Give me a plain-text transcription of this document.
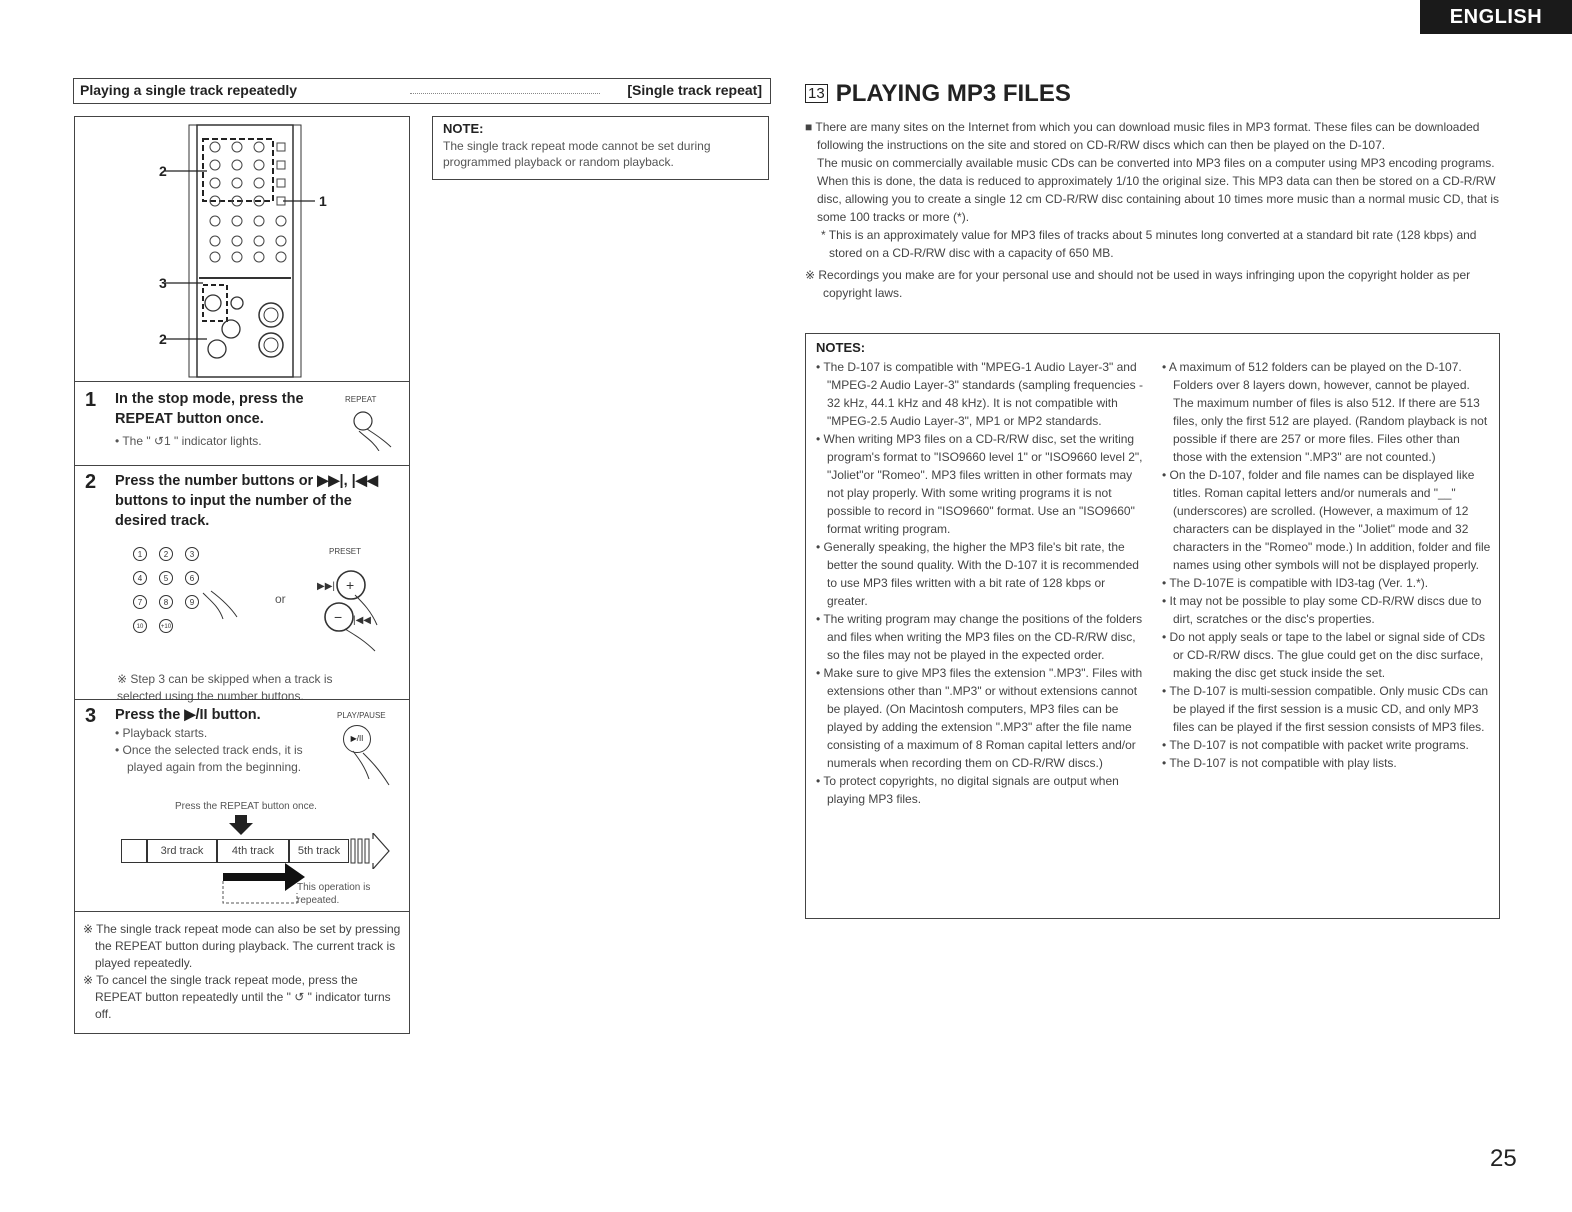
ENGLISH
Playing a single track repeatedly	[Single track repeat]
2
1
3
2
1 In the stop mode, press the REPEAT button once.
• The " ↺1 " indicator lights.
REPEAT
2 Press the number buttons or ▶▶|, |◀◀ buttons to input the number of the desired track.
1	2	3
4	5	6
7	8	9
10	+10
or
PRESET
+
▶▶|
− |◀◀
※ Step 3 can be skipped when a track is selected using the number buttons.
3 Press the ▶/II button.
• Playback starts.
• Once the selected track ends, it is played again from the beginning.
PLAY/PAUSE
▶/II
Press the REPEAT button once.
3rd track	4th track	5th track
This operation is repeated.
※ The single track repeat mode can also be set by pressing the REPEAT button during playback. The current track is played repeatedly.
※ To cancel the single track repeat mode, press the REPEAT button repeatedly until the " ↺ " indicator turns off.
NOTE:
The single track repeat mode cannot be set during programmed playback or random playback.
13 PLAYING MP3 FILES
■ There are many sites on the Internet from which you can download music files in MP3 format. These files can be downloaded following the instructions on the site and stored on CD-R/RW discs which can then be played on the D-107.
The music on commercially available music CDs can be converted into MP3 files on a computer using MP3 encoding programs. When this is done, the data is reduced to approximately 1/10 the original size. This MP3 data can then be stored on a CD-R/RW disc, allowing you to create a single 12 cm CD-R/RW disc containing about 10 times more music than a normal music CD, that is some 100 tracks or more (*).
* This is an approximately value for MP3 files of tracks about 5 minutes long converted at a standard bit rate (128 kbps) and stored on a CD-R/RW disc with a capacity of 650 MB.
※ Recordings you make are for your personal use and should not be used in ways infringing upon the copyright holder as per copyright laws.
NOTES:

• The D-107 is compatible with "MPEG-1 Audio Layer-3" and "MPEG-2 Audio Layer-3" standards (sampling frequencies - 32 kHz, 44.1 kHz and 48 kHz). It is not compatible with "MPEG-2.5 Audio Layer-3", MP1 or MP2 standards.

• When writing MP3 files on a CD-R/RW disc, set the writing program's format to "ISO9660 level 1" or "ISO9660 level 2", "Joliet"or "Romeo". MP3 files written in other formats may not play properly. With some writing programs it is not possible to record in "ISO9660" format. Use an "ISO9660" format writing program.

• Generally speaking, the higher the MP3 file's bit rate, the better the sound quality. With the D-107 it is recommended to use MP3 files written with a bit rate of 128 kbps or greater.

• The writing program may change the positions of the folders and files when writing the MP3 files on the CD-R/RW disc, so the files may not be played in the expected order.

• Make sure to give MP3 files the extension ".MP3". Files with extensions other than ".MP3" or without extensions cannot be played. (On Macintosh computers, MP3 files can be played by adding the extension ".MP3" after the file name consisting of a maximum of 8 Roman capital letters and/or numerals when recording them on CD-R/RW discs.)

• To protect copyrights, no digital signals are output when playing MP3 files.

• A maximum of 512 folders can be played on the D-107. Folders over 8 layers down, however, cannot be played. The maximum number of files is also 512. If there are 513 files, only the first 512 are played. (Random playback is not possible if there are 257 or more files. Files other than those with the extension ".MP3" are not counted.)

• On the D-107, folder and file names can be displayed like titles. Roman capital letters and/or numerals and "__" (underscores) are scrolled. (However, a maximum of 12 characters can be displayed in the "Joliet" mode and 32 characters in the "Romeo" mode.) In addition, folder and file names using other symbols will not be displayed properly.

• The D-107E is compatible with ID3-tag (Ver. 1.*).

• It may not be possible to play some CD-R/RW discs due to dirt, scratches or the disc's properties.

• Do not apply seals or tape to the label or signal side of CDs or CD-R/RW discs. The glue could get on the disc surface, making the disc get stuck inside the set.

• The D-107 is multi-session compatible. Only music CDs can be played if the first session is a music CD, and only MP3 files can be played if the first session consists of MP3 files.

• The D-107 is not compatible with packet write programs.

• The D-107 is not compatible with play lists.

25
